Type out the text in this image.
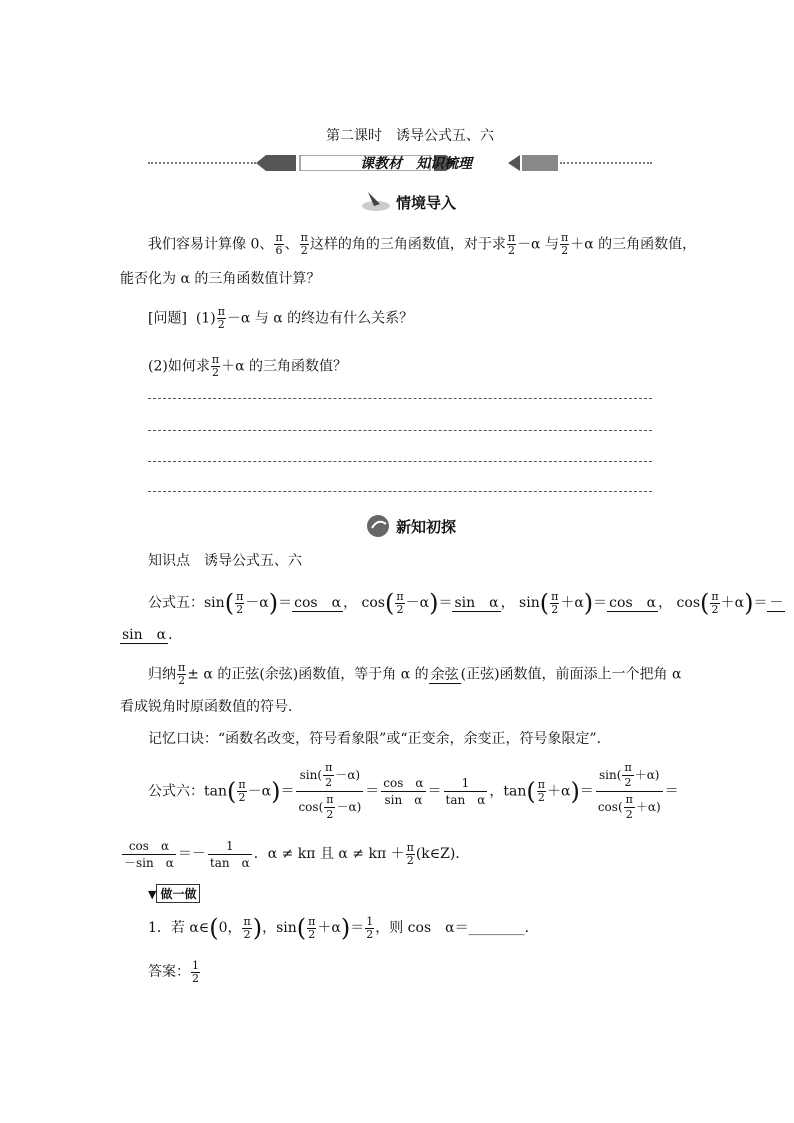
第二课时　诱导公式五、六
课教材　知识梳理
情境导入
我们容易计算像 0、 $\frac{\pi}{6}$ 、 $\frac{\pi}{2}$ 这样的角的三角函数值，对于求 $\frac{\pi}{2} -\alpha$ 与 $\frac{\pi}{2} +\alpha$ 的三角函数值，
能否化为 α 的三角函数值计算？
[问题] $(1) \frac{\pi}{2} -\alpha$ 与 α 的终边有什么关系？
(2)如何求 $\frac{\pi}{2} +\alpha$ 的三角函数值？
新知初探
知识点　诱导公式五、六
公式五：$\sin( \frac{\pi}{2} -\alpha)= \cos$　α ， $\cos( \frac{\pi}{2} -\alpha)= \sin$　α ， $\sin( \frac{\pi}{2} +\alpha)= \cos$　α ， $\cos( \frac{\pi}{2} +\alpha)=$ －
sin　α ．
归纳 $\frac{\pi}{2} \pm \alpha$ 的正弦(余弦)函数值，等于角 α 的 余弦 (正弦)函数值，前面添上一个把角 α
看成锐角时原函数值的符号．
记忆口诀：“函数名改变，符号看象限”或“正变余，余变正，符号象限定”．
公式六：$\tan( \frac{\pi}{2} -\alpha)= \frac{\sin( \frac{\pi}{2} -\alpha)}{\cos( \frac{\pi}{2} -\alpha)} = \frac{\text{cos　 α}}{\text{sin　 α}} = \frac{1}{\text{tan　 α}}$ ，$\tan( \frac{\pi}{2} +\alpha)= \frac{\sin( \frac{\pi}{2} +\alpha)}{\cos( \frac{\pi}{2} +\alpha)}$ ＝
$\frac{\text{cos　 α}}{\text{－sin　 α}} =- \frac{1}{\text{tan　 α}}$ ．α ≠ kπ 且 $\alpha \ne k\pi + \frac{\pi}{2}$ (k∈Z)．
▼ 做一做
1．若 α∈(0， $\frac{\pi}{2}$ )，$\sin( \frac{\pi}{2} +\alpha)= \frac{1}{2}$ ，则 cos　α＝________．
答案： $\frac{1}{2}$
